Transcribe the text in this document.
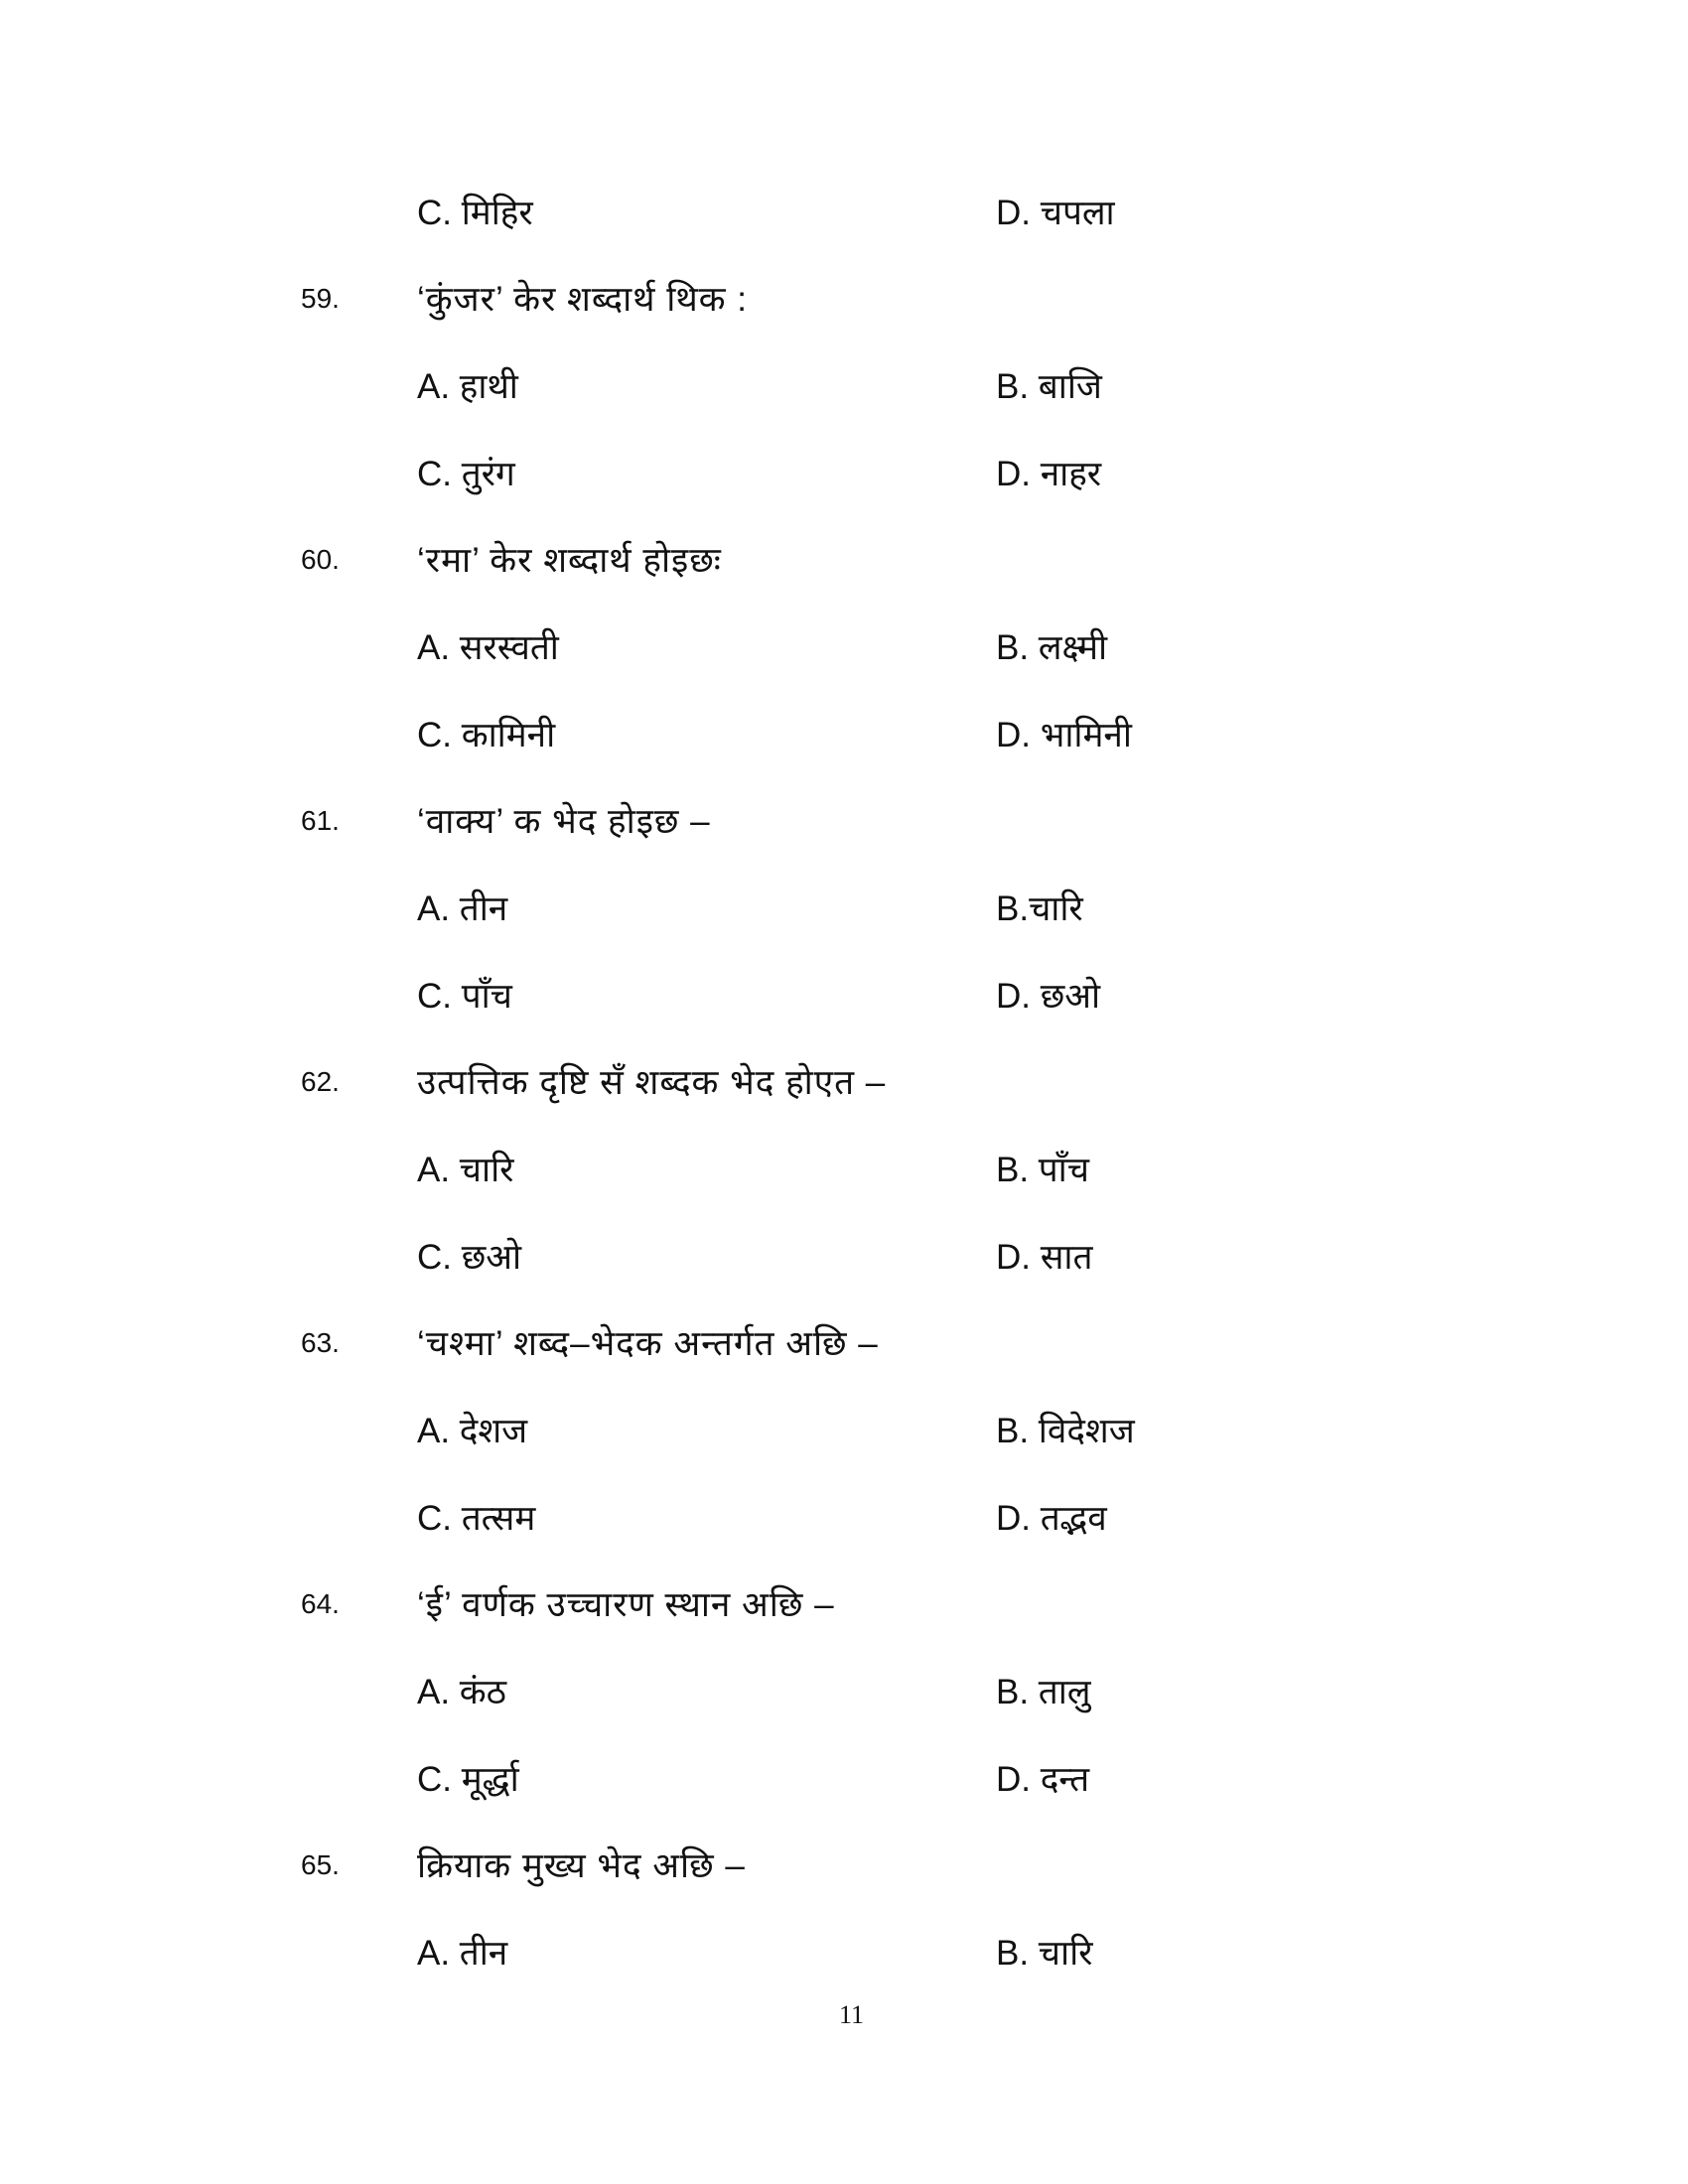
C. मिहिर	D. चपला
59. ‘कुंजर’ केर शब्दार्थ थिक :
A. हाथी	B. बाजि
C. तुरंग	D. नाहर
60. ‘रमा’ केर शब्दार्थ होइछः
A. सरस्वती	B. लक्ष्मी
C. कामिनी	D. भामिनी
61. ‘वाक्य’ क भेद होइछ –
A. तीन	B.चारि
C. पाँच	D. छओ
62. उत्पत्तिक दृष्टि सँ शब्दक भेद होएत –
A. चारि	B. पाँच
C. छओ	D. सात
63. ‘चश्मा’ शब्द–भेदक अन्तर्गत अछि –
A. देशज	B. विदेशज
C. तत्सम	D. तद्भव
64. ‘ई’ वर्णक उच्चारण स्थान अछि –
A. कंठ	B. तालु
C. मूर्द्धा	D. दन्त
65. क्रियाक मुख्य भेद अछि –
A. तीन	B. चारि
11
